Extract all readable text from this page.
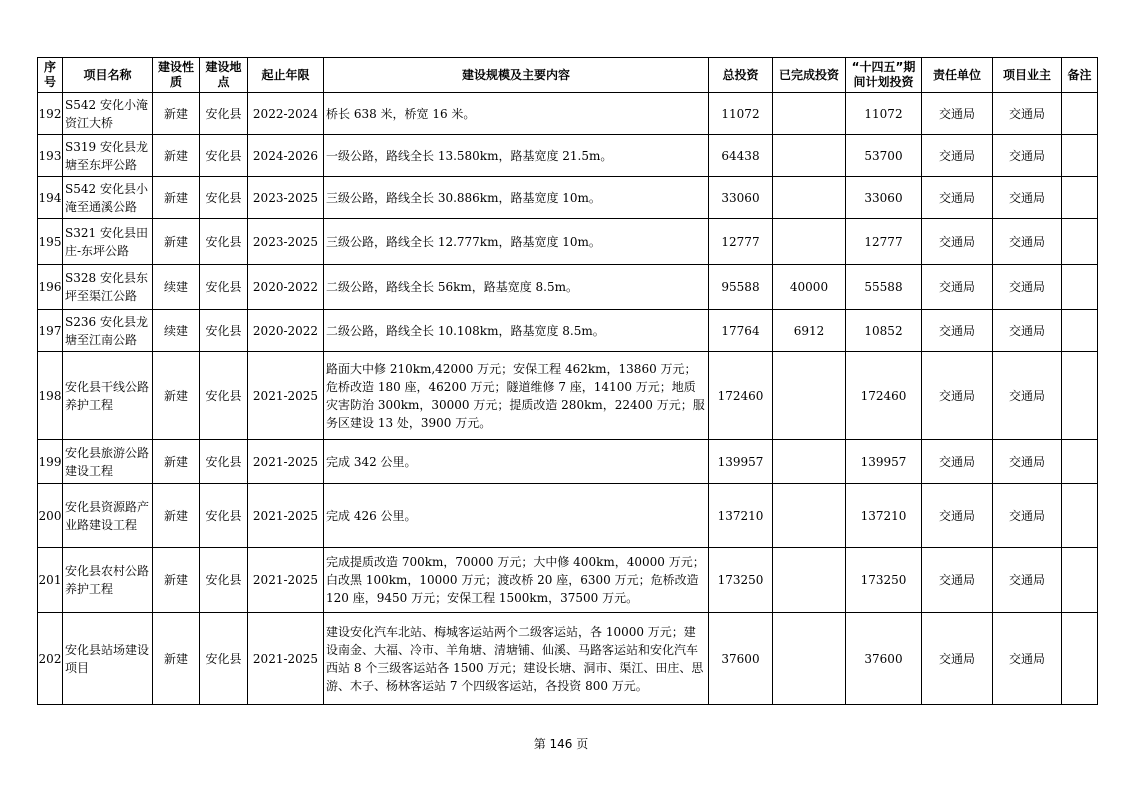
序号	项目名称	建设性质	建设地点	起止年限	建设规模及主要内容	总投资	已完成投资	“十四五”期间计划投资	责任单位	项目业主	备注
192	S542 安化小淹资江大桥	新建	安化县	2022-2024	桥长 638 米，桥宽 16 米。	11072		11072	交通局	交通局	
193	S319 安化县龙塘至东坪公路	新建	安化县	2024-2026	一级公路，路线全长 13.580km，路基宽度 21.5m。	64438		53700	交通局	交通局	
194	S542 安化县小淹至通溪公路	新建	安化县	2023-2025	三级公路，路线全长 30.886km，路基宽度 10m。	33060		33060	交通局	交通局	
195	S321 安化县田庄-东坪公路	新建	安化县	2023-2025	三级公路，路线全长 12.777km，路基宽度 10m。	12777		12777	交通局	交通局	
196	S328 安化县东坪至渠江公路	续建	安化县	2020-2022	二级公路，路线全长 56km，路基宽度 8.5m。	95588	40000	55588	交通局	交通局	
197	S236 安化县龙塘至江南公路	续建	安化县	2020-2022	二级公路，路线全长 10.108km，路基宽度 8.5m。	17764	6912	10852	交通局	交通局	
198	安化县干线公路养护工程	新建	安化县	2021-2025	路面大中修 210km,42000 万元；安保工程 462km，13860 万元；危桥改造 180 座，46200 万元；隧道维修 7 座，14100 万元；地质灾害防治 300km，30000 万元；提质改造 280km，22400 万元；服务区建设 13 处，3900 万元。	172460		172460	交通局	交通局	
199	安化县旅游公路建设工程	新建	安化县	2021-2025	完成 342 公里。	139957		139957	交通局	交通局	
200	安化县资源路产业路建设工程	新建	安化县	2021-2025	完成 426 公里。	137210		137210	交通局	交通局	
201	安化县农村公路养护工程	新建	安化县	2021-2025	完成提质改造 700km，70000 万元；大中修 400km，40000 万元；白改黑 100km，10000 万元；渡改桥 20 座，6300 万元；危桥改造 120 座，9450 万元；安保工程 1500km，37500 万元。	173250		173250	交通局	交通局	
202	安化县站场建设项目	新建	安化县	2021-2025	建设安化汽车北站、梅城客运站两个二级客运站，各 10000 万元；建设南金、大福、冷市、羊角塘、清塘铺、仙溪、马路客运站和安化汽车西站 8 个三级客运站各 1500 万元；建设长塘、洞市、渠江、田庄、思游、木子、杨林客运站 7 个四级客运站，各投资 800 万元。	37600		37600	交通局	交通局	
第 146 页
